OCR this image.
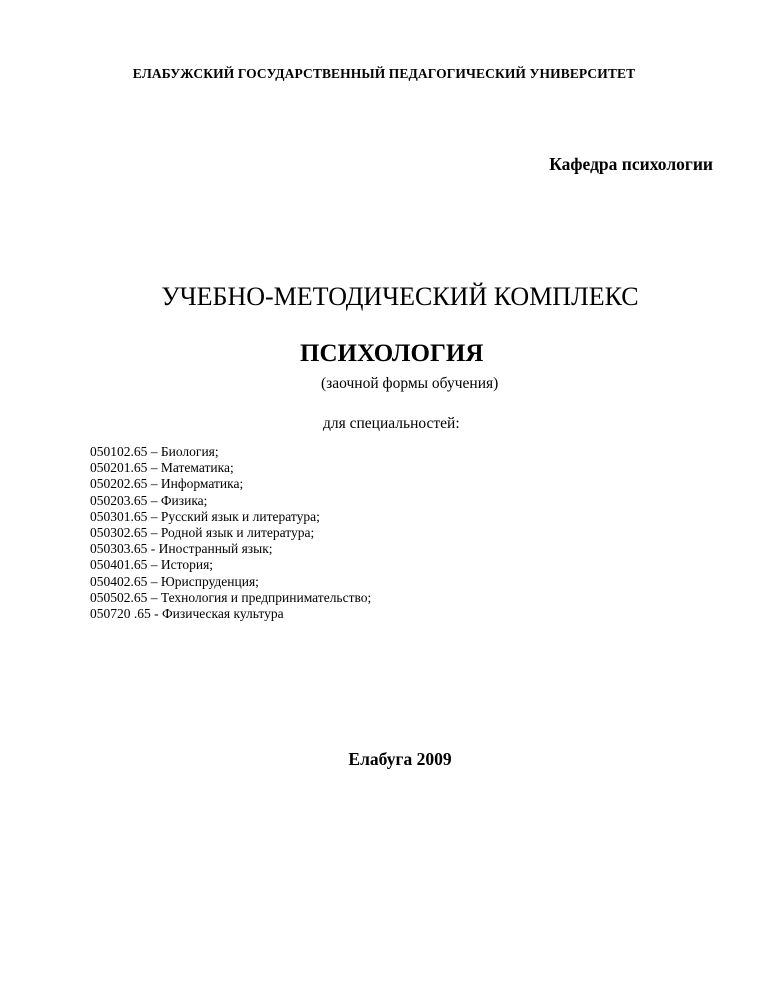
ЕЛАБУЖСКИЙ ГОСУДАРСТВЕННЫЙ ПЕДАГОГИЧЕСКИЙ УНИВЕРСИТЕТ
Кафедра психологии
УЧЕБНО-МЕТОДИЧЕСКИЙ КОМПЛЕКС
ПСИХОЛОГИЯ
(заочной формы обучения)
для специальностей:
050102.65 – Биология;
050201.65 – Математика;
050202.65 – Информатика;
050203.65 – Физика;
050301.65 – Русский язык и литература;
050302.65 – Родной язык и литература;
050303.65 - Иностранный язык;
050401.65 – История;
050402.65 – Юриспруденция;
050502.65 – Технология и предпринимательство;
050720 .65 - Физическая культура
Елабуга 2009
